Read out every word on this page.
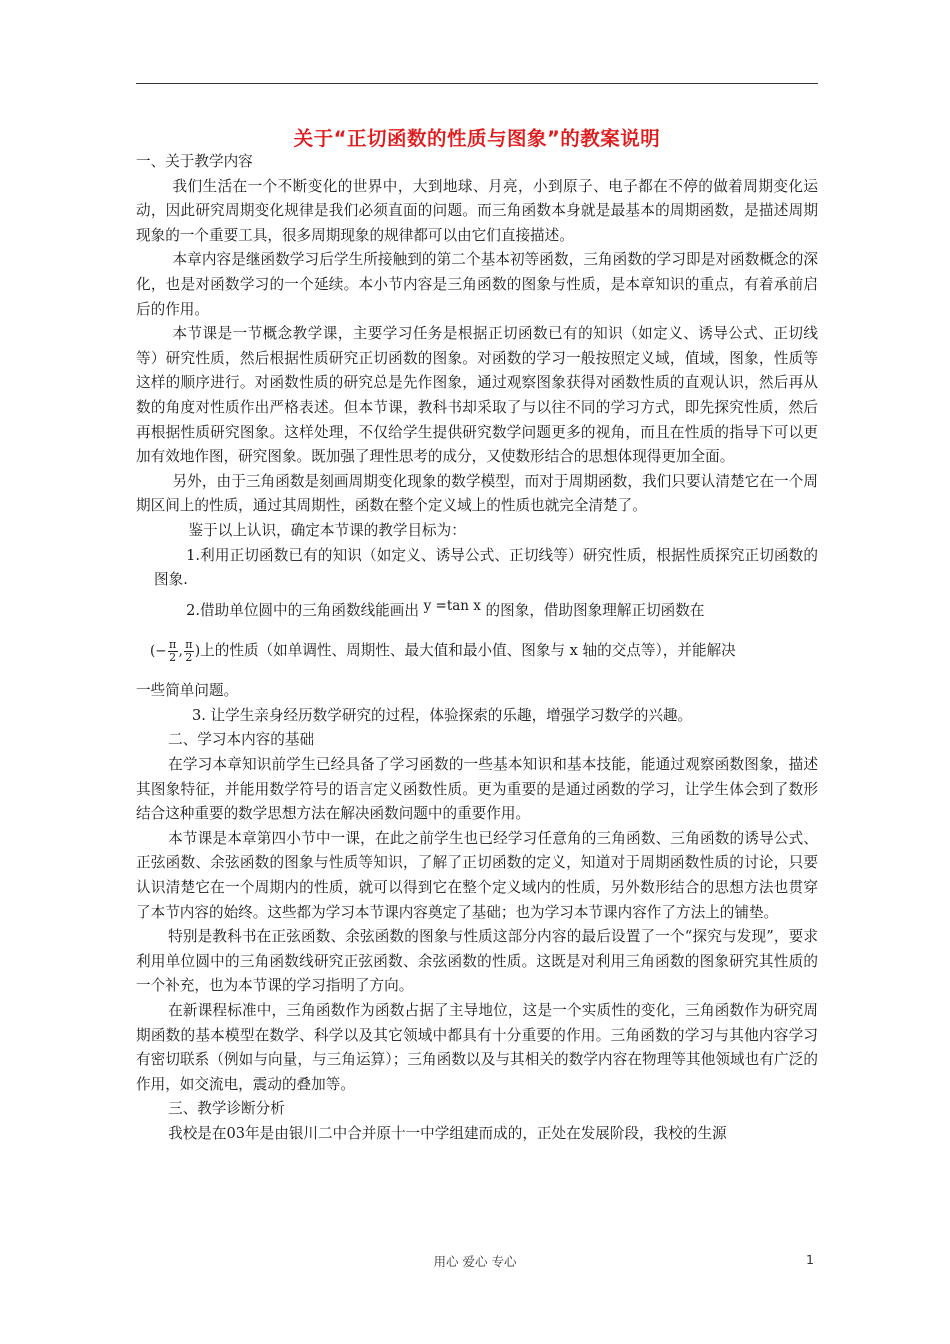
关于“正切函数的性质与图象”的教案说明

一、关于教学内容

我们生活在一个不断变化的世界中，大到地球、月亮，小到原子、电子都在不停的做着周期变化运动，因此研究周期变化规律是我们必须直面的问题。而三角函数本身就是最基本的周期函数，是描述周期现象的一个重要工具，很多周期现象的规律都可以由它们直接描述。

本章内容是继函数学习后学生所接触到的第二个基本初等函数，三角函数的学习即是对函数概念的深化，也是对函数学习的一个延续。本小节内容是三角函数的图象与性质，是本章知识的重点，有着承前启后的作用。

本节课是一节概念教学课，主要学习任务是根据正切函数已有的知识（如定义、诱导公式、正切线等）研究性质，然后根据性质研究正切函数的图象。对函数的学习一般按照定义域，值域，图象，性质等这样的顺序进行。对函数性质的研究总是先作图象，通过观察图象获得对函数性质的直观认识，然后再从数的角度对性质作出严格表述。但本节课，教科书却采取了与以往不同的学习方式，即先探究性质，然后再根据性质研究图象。这样处理，不仅给学生提供研究数学问题更多的视角，而且在性质的指导下可以更加有效地作图，研究图象。既加强了理性思考的成分，又使数形结合的思想体现得更加全面。

另外，由于三角函数是刻画周期变化现象的数学模型，而对于周期函数，我们只要认清楚它在一个周期区间上的性质，通过其周期性，函数在整个定义域上的性质也就完全清楚了。

鉴于以上认识，确定本节课的教学目标为：

1.利用正切函数已有的知识（如定义、诱导公式、正切线等）研究性质，根据性质探究正切函数的图象.

2.借助单位圆中的三角函数线能画出 y =tan x 的图象，借助图象理解正切函数在

(− $\frac{\pi}{2}$ , $\frac{\pi}{2}$ ) 上的性质（如单调性、周期性、最大值和最小值、图象与 x 轴的交点等），并能解决

一些简单问题。

3. 让学生亲身经历数学研究的过程，体验探索的乐趣，增强学习数学的兴趣。

二、学习本内容的基础

在学习本章知识前学生已经具备了学习函数的一些基本知识和基本技能，能通过观察函数图象，描述其图象特征，并能用数学符号的语言定义函数性质。更为重要的是通过函数的学习，让学生体会到了数形结合这种重要的数学思想方法在解决函数问题中的重要作用。

本节课是本章第四小节中一课，在此之前学生也已经学习任意角的三角函数、三角函数的诱导公式、正弦函数、余弦函数的图象与性质等知识，了解了正切函数的定义，知道对于周期函数性质的讨论，只要认识清楚它在一个周期内的性质，就可以得到它在整个定义域内的性质，另外数形结合的思想方法也贯穿了本节内容的始终。这些都为学习本节课内容奠定了基础；也为学习本节课内容作了方法上的铺垫。

特别是教科书在正弦函数、余弦函数的图象与性质这部分内容的最后设置了一个“探究与发现”，要求利用单位圆中的三角函数线研究正弦函数、余弦函数的性质。这既是对利用三角函数的图象研究其性质的一个补充，也为本节课的学习指明了方向。

在新课程标准中，三角函数作为函数占据了主导地位，这是一个实质性的变化，三角函数作为研究周期函数的基本模型在数学、科学以及其它领域中都具有十分重要的作用。三角函数的学习与其他内容学习有密切联系（例如与向量，与三角运算）；三角函数以及与其相关的数学内容在物理等其他领域也有广泛的作用，如交流电，震动的叠加等。

三、教学诊断分析

我校是在03年是由银川二中合并原十一中学组建而成的，正处在发展阶段，我校的生源

用心 爱心 专心	1
